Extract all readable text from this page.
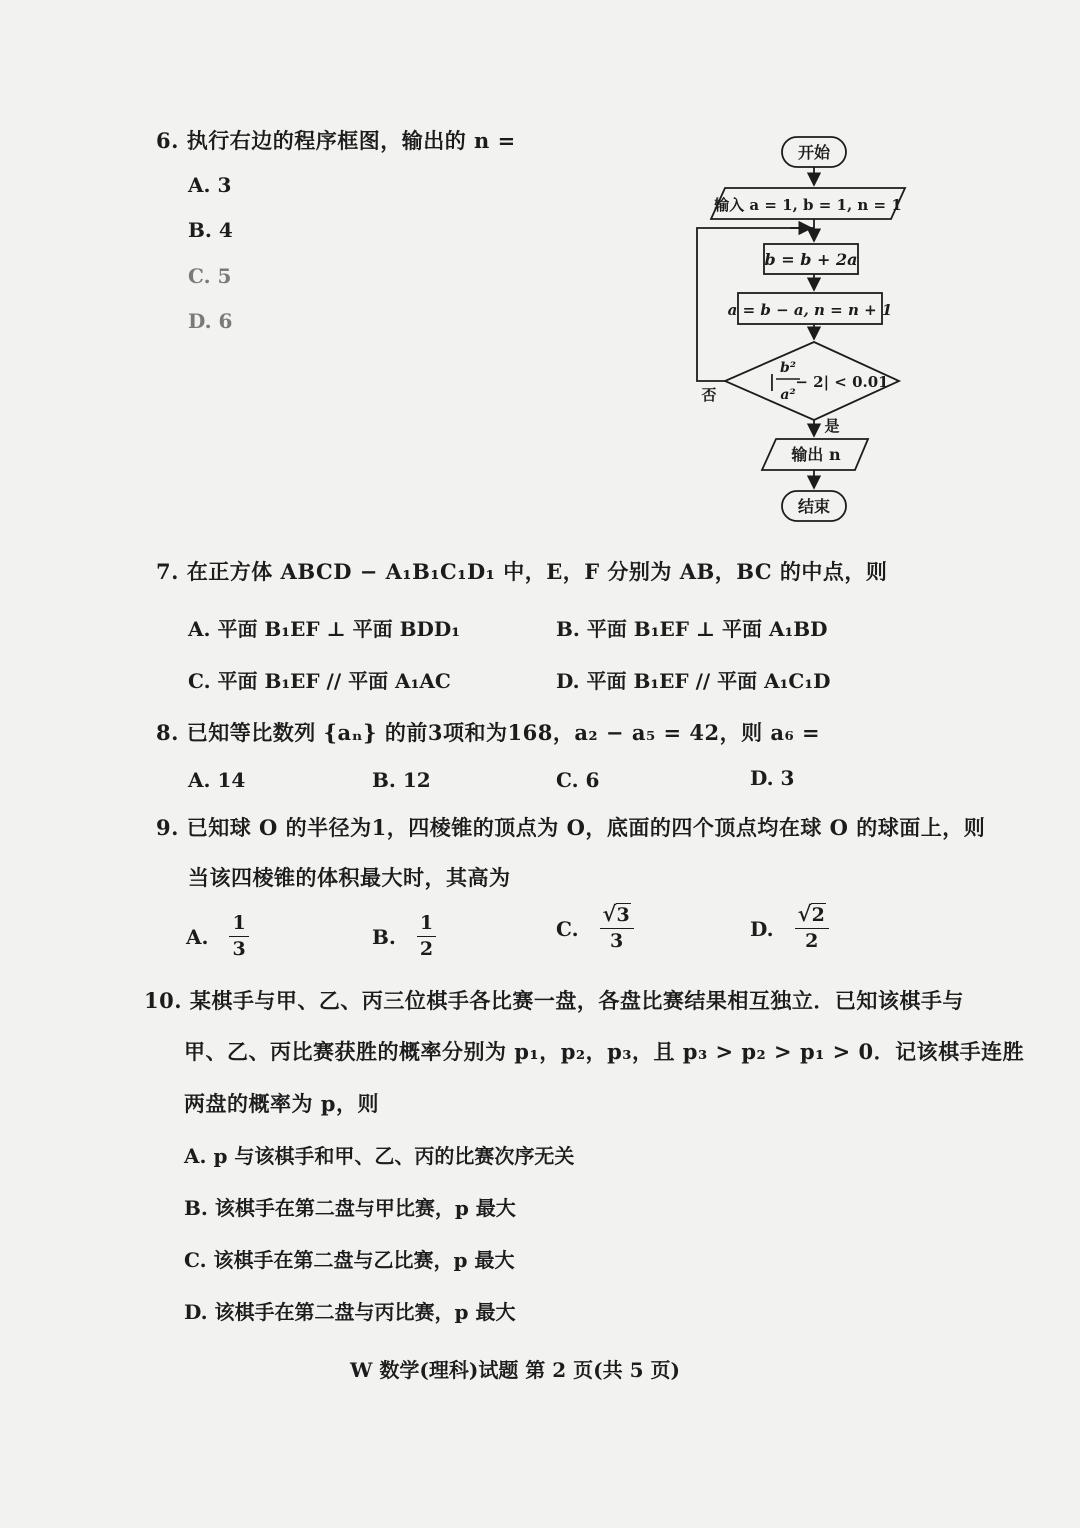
6. 执行右边的程序框图，输出的 n =
A. 3
B. 4
C. 5
D. 6
开始
输入 a = 1, b = 1, n = 1
b = b + 2a
a = b − a, n = n + 1
|
b²
a²
− 2| < 0.01
否
是
输出 n
结束
7. 在正方体 ABCD − A₁B₁C₁D₁ 中，E，F 分别为 AB，BC 的中点，则
A. 平面 B₁EF ⊥ 平面 BDD₁	B. 平面 B₁EF ⊥ 平面 A₁BD
C. 平面 B₁EF // 平面 A₁AC	D. 平面 B₁EF // 平面 A₁C₁D
8. 已知等比数列 {aₙ} 的前3项和为168，a₂ − a₅ = 42，则 a₆ =
A. 14	B. 12	C. 6	D. 3
9. 已知球 O 的半径为1，四棱锥的顶点为 O，底面的四个顶点均在球 O 的球面上，则
当该四棱锥的体积最大时，其高为
A. $\frac{1}{3}$	B. $\frac{1}{2}$	C. √ $\frac{3}{3}$	D. √ $\frac{2}{2}$
10. 某棋手与甲、乙、丙三位棋手各比赛一盘，各盘比赛结果相互独立．已知该棋手与
甲、乙、丙比赛获胜的概率分别为 p₁，p₂，p₃，且 p₃ > p₂ > p₁ > 0．记该棋手连胜
两盘的概率为 p，则
A. p 与该棋手和甲、乙、丙的比赛次序无关
B. 该棋手在第二盘与甲比赛，p 最大
C. 该棋手在第二盘与乙比赛，p 最大
D. 该棋手在第二盘与丙比赛，p 最大
W 数学(理科)试题 第 2 页(共 5 页)
